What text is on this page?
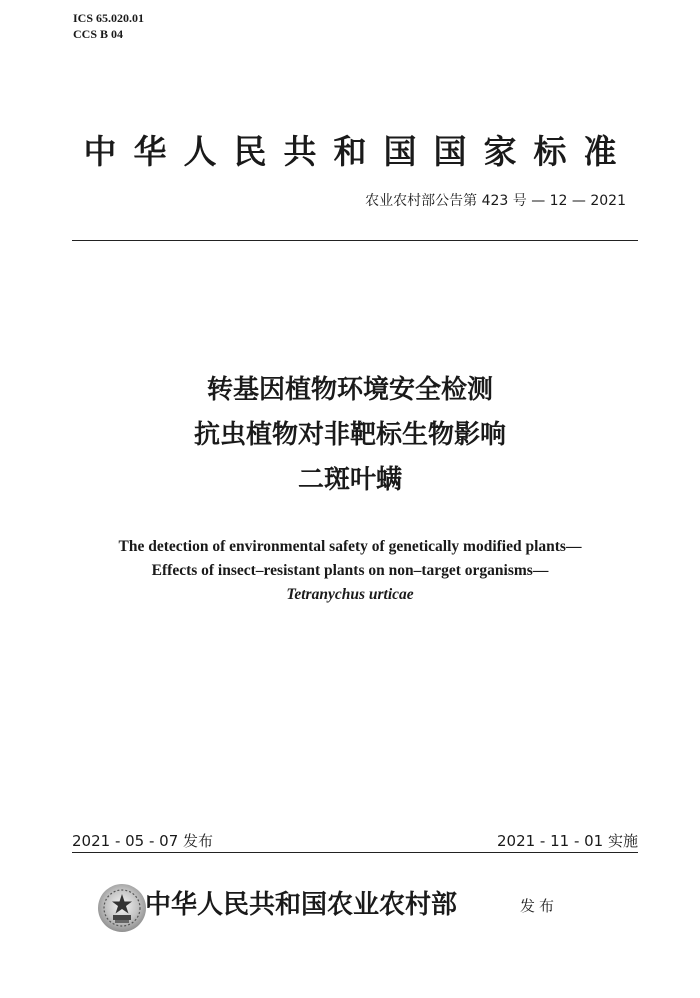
ICS 65.020.01
CCS B 04
中华人民共和国国家标准
农业农村部公告第 423 号 — 12 — 2021
转基因植物环境安全检测
抗虫植物对非靶标生物影响
二斑叶螨
The detection of environmental safety of genetically modified plants—
Effects of insect–resistant plants on non–target organisms—
Tetranychus urticae
2021 - 05 - 07 发布	2021 - 11 - 01 实施
中华人民共和国农业农村部	发布
